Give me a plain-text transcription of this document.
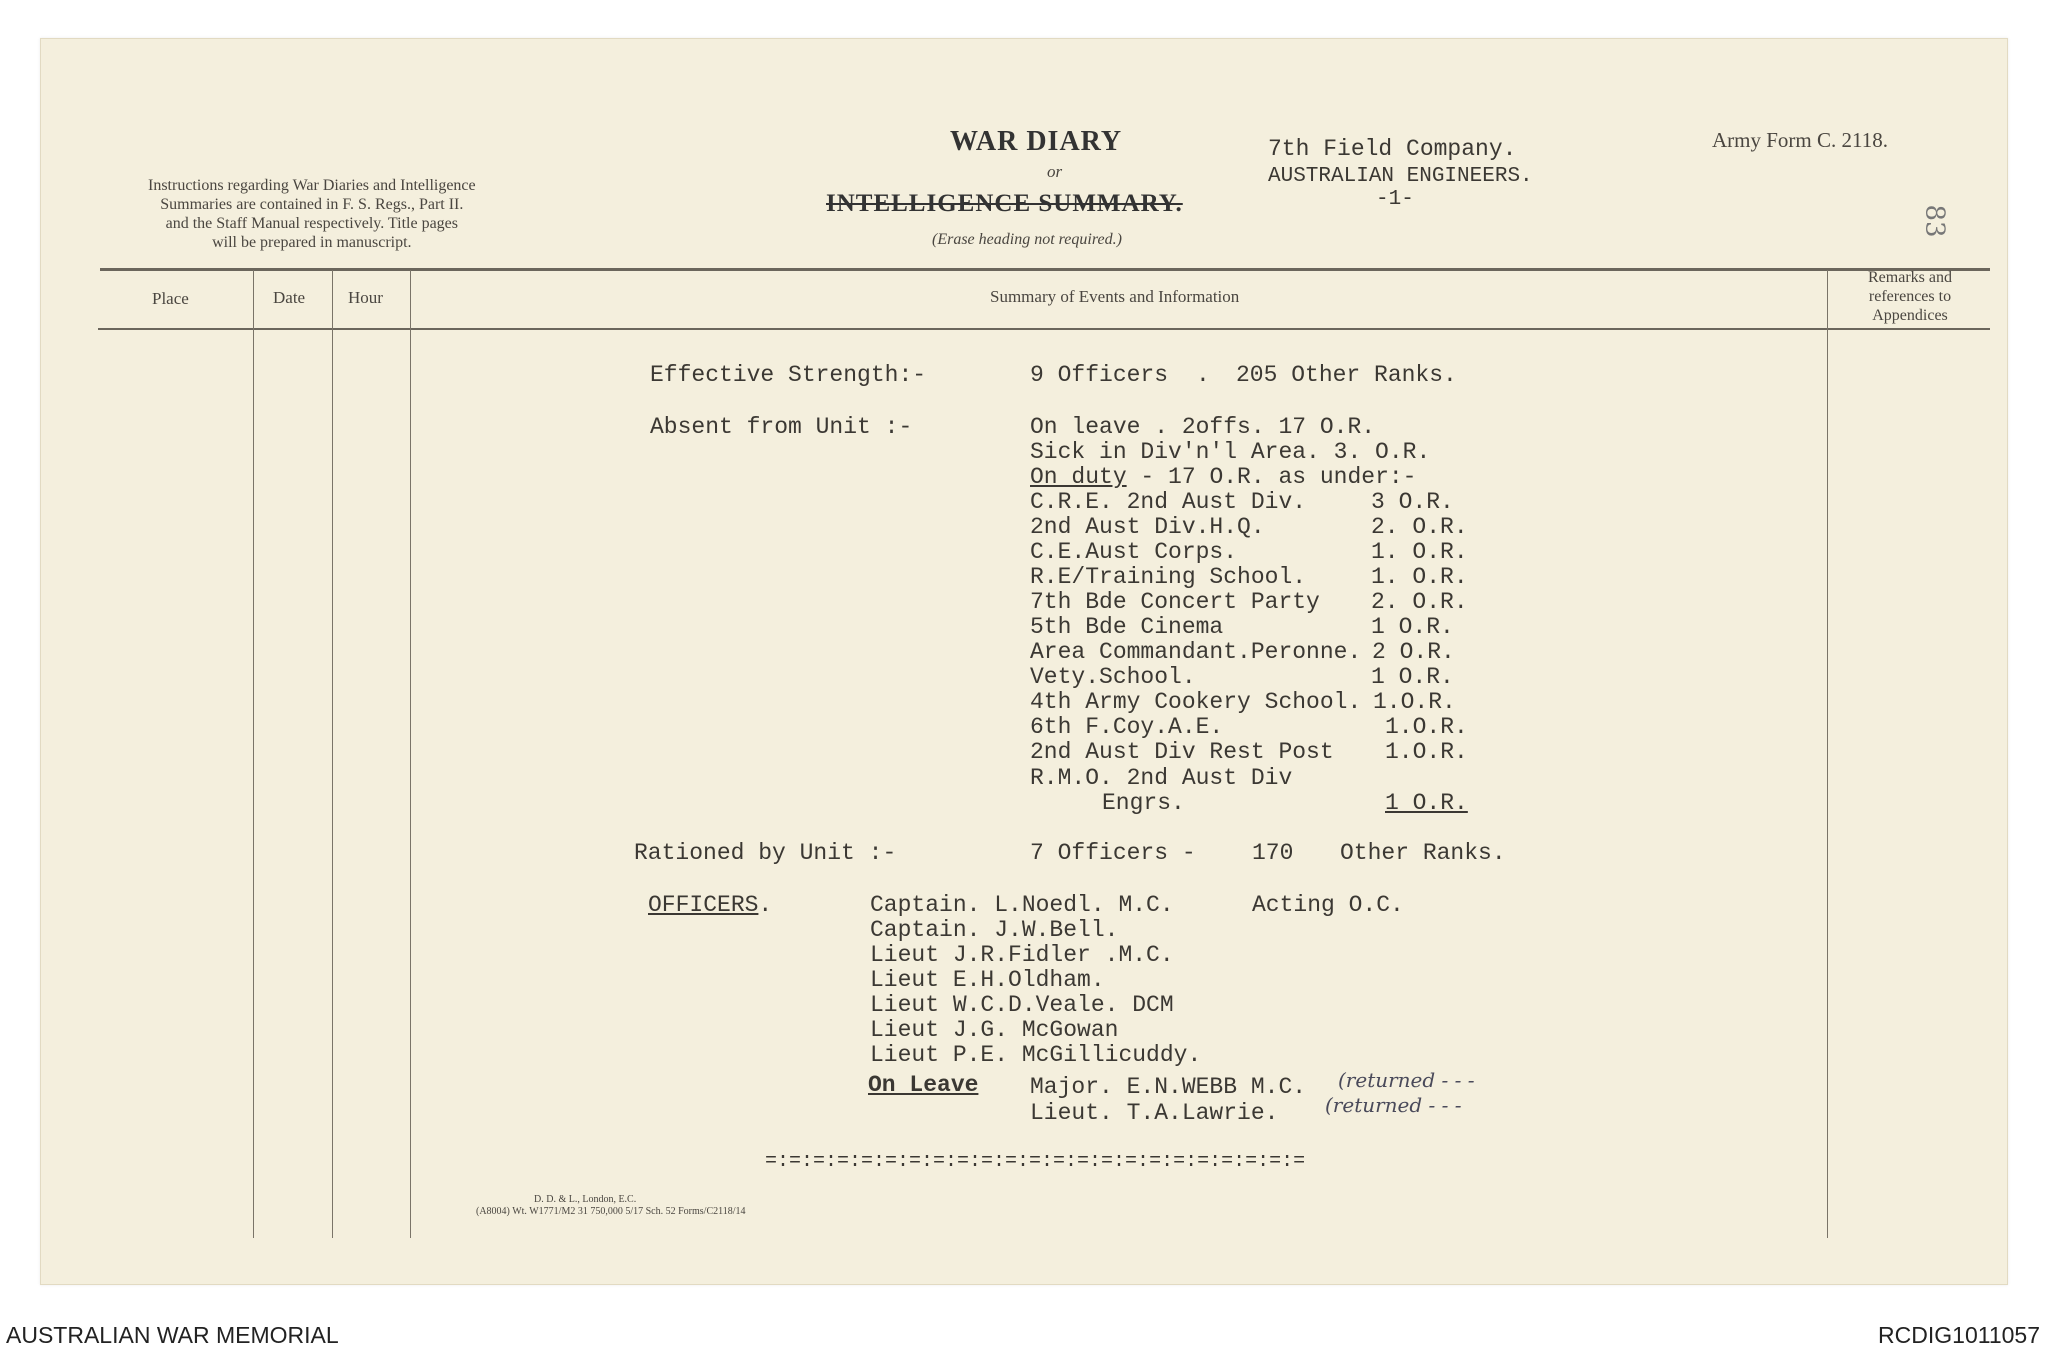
Instructions regarding War Diaries and Intelligence
Summaries are contained in F. S. Regs., Part II.
and the Staff Manual respectively. Title pages
will be prepared in manuscript.
WAR DIARY
or
INTELLIGENCE SUMMARY.
(Erase heading not required.)
Army Form C. 2118.
83
7th Field Company.
AUSTRALIAN ENGINEERS.
-1-
Place	Date	Hour	Summary of Events and Information
Remarks and
references to
Appendices
Effective Strength:-	9 Officers . 205 Other Ranks.
Absent from Unit :-	On leave . 2offs. 17 O.R.
Sick in Div'n'l Area. 3. O.R.
On duty - 17 O.R. as under:-
C.R.E. 2nd Aust Div.	3 O.R.
2nd Aust Div.H.Q.	2. O.R.
C.E.Aust Corps.	1. O.R.
R.E/Training School.	1. O.R.
7th Bde Concert Party 2. O.R.
5th Bde Cinema	1 O.R.
Area Commandant.Peronne. 2 O.R.
Vety.School.	1 O.R.
4th Army Cookery School. 1.O.R.
6th F.Coy.A.E.	1.O.R.
2nd Aust Div Rest Post 1.O.R.
R.M.O. 2nd Aust Div
Engrs.	1 O.R.
Rationed by Unit :-	7 Officers - 170 Other Ranks.
OFFICERS.	Captain. L.Noedl. M.C.	Acting O.C.
Captain. J.W.Bell.
Lieut J.R.Fidler .M.C.
Lieut E.H.Oldham.
Lieut W.C.D.Veale. DCM
Lieut J.G. McGowan
Lieut P.E. McGillicuddy.
On Leave Major. E.N.WEBB M.C. (returned - - -
Lieut. T.A.Lawrie. (returned - - -
=:=:=:=:=:=:=:=:=:=:=:=:=:=:=:=:=:=:=:=:=:=:=
D. D. & L., London, E.C.
(A8004) Wt. W1771/M2 31 750,000 5/17 Sch. 52 Forms/C2118/14
AUSTRALIAN WAR MEMORIAL	RCDIG1011057
